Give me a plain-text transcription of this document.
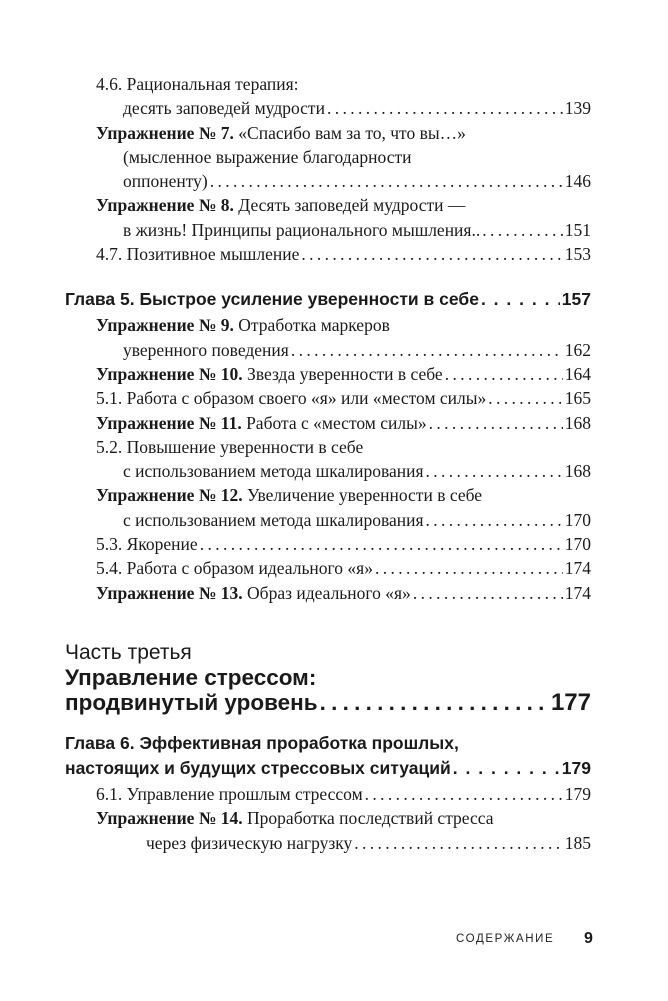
4.6. Рациональная терапия:
десять заповедей мудрости . . .	139
Упражнение № 7. «Спасибо вам за то, что вы…»
(мысленное выражение благодарности
оппоненту) . . .	146
Упражнение № 8. Десять заповедей мудрости —
в жизнь! Принципы рационального мышления.. . . .	151
4.7. Позитивное мышление . . .	153
Глава 5. Быстрое усиление уверенности в себе . . .	157
Упражнение № 9. Отработка маркеров
уверенного поведения . . .	162
Упражнение № 10. Звезда уверенности в себе . . .	164
5.1. Работа с образом своего «я» или «местом силы» . . .	165
Упражнение № 11. Работа с «местом силы» . . .	168
5.2. Повышение уверенности в себе
с использованием метода шкалирования . . .	168
Упражнение № 12. Увеличение уверенности в себе
с использованием метода шкалирования . . .	170
5.3. Якорение . . .	170
5.4. Работа с образом идеального «я» . . .	174
Упражнение № 13. Образ идеального «я» . . .	174
Часть третья
Управление стрессом:
продвинутый уровень . . .	177
Глава 6. Эффективная проработка прошлых,
настоящих и будущих стрессовых ситуаций . . .	179
6.1. Управление прошлым стрессом . . .	179
Упражнение № 14. Проработка последствий стресса
через физическую нагрузку . . .	185
СОДЕРЖАНИЕ 9
